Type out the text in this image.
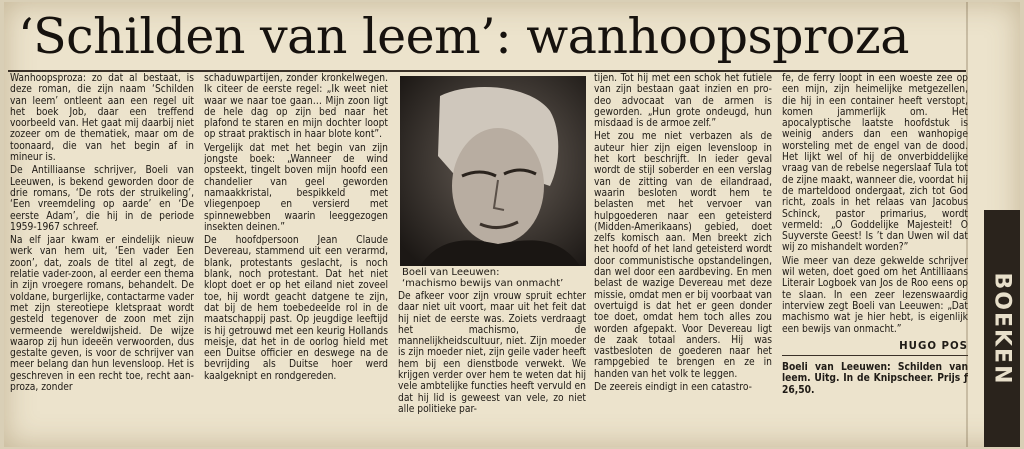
‘Schilden van leem’: wanhoopsproza

Wanhoopsproza: zo dat al bestaat, is deze roman, die zijn naam ‘Schilden van leem’ ontleent aan een regel uit het boek Job, daar een treffend voorbeeld van. Het gaat mij daarbij niet zozeer om de thematiek, maar om de toonaard, die van het begin af in mineur is.

De Antilliaanse schrijver, Boeli van Leeuwen, is bekend geworden door de drie romans, ‘De rots der struikeling’, ‘Een vreemdeling op aarde’ en ‘De eerste Adam’, die hij in de periode 1959-1967 schreef.

Na elf jaar kwam er eindelijk nieuw werk van hem uit, ‘Een vader Een zoon’, dat, zoals de titel al zegt, de relatie vader-zoon, al eerder een thema in zijn vroegere romans, behandelt. De voldane, burgerlijke, contactarme vader met zijn stereotiepe kletspraat wordt gesteld tegenover de zoon met zijn vermeende wereldwijsheid. De wijze waarop zij hun ideeën verwoorden, dus gestalte geven, is voor de schrijver van meer belang dan hun levensloop. Het is geschreven in een recht toe, recht aan-proza, zonder

schaduwpartijen, zonder kronkelwegen. Ik citeer de eerste regel: „Ik weet niet waar we naar toe gaan… Mijn zoon ligt de hele dag op zijn bed naar het plafond te staren en mijn dochter loopt op straat praktisch in haar blote kont”.

Vergelijk dat met het begin van zijn jongste boek: „Wanneer de wind opsteekt, tingelt boven mijn hoofd een chandelier van geel geworden namaakkristal, bespikkeld met vliegenpoep en versierd met spinnewebben waarin leeggezogen insekten deinen.”

De hoofdpersoon Jean Claude Devereau, stammend uit een verarmd, blank, protestants geslacht, is noch blank, noch protestant. Dat het niet klopt doet er op het eiland niet zoveel toe, hij wordt geacht datgene te zijn, dat bij de hem toebedeelde rol in de maatschappij past. Op jeugdige leeftijd is hij getrouwd met een keurig Hollands meisje, dat het in de oorlog hield met een Duitse officier en deswege na de bevrijding als Duitse hoer werd kaalgeknipt en rondgereden.

Boeli van Leeuwen:
‘machismo bewijs van onmacht’

De afkeer voor zijn vrouw spruit echter daar niet uit voort, maar uit het feit dat hij niet de eerste was. Zoiets verdraagt het machismo, de mannelijkheidscultuur, niet. Zijn moeder is zijn moeder niet, zijn geile vader heeft hem bij een dienstbode verwekt. We krijgen verder over hem te weten dat hij vele ambtelijke functies heeft vervuld en dat hij lid is geweest van vele, zo niet alle politieke par-

tijen. Tot hij met een schok het futiele van zijn bestaan gaat inzien en pro-deo advocaat van de armen is geworden. „Hun grote ondeugd, hun misdaad is de armoe zelf.”

Het zou me niet verbazen als de auteur hier zijn eigen levensloop in het kort beschrijft. In ieder geval wordt de stijl soberder en een verslag van de zitting van de eilandraad, waarin besloten wordt hem te belasten met het vervoer van hulpgoederen naar een geteisterd (Midden-Amerikaans) gebied, doet zelfs komisch aan. Men breekt zich het hoofd of het land geteisterd wordt door communistische opstandelingen, dan wel door een aardbeving. En men belast de wazige Devereau met deze missie, omdat men er bij voorbaat van overtuigd is dat het er geen donder toe doet, omdat hem toch alles zou worden afgepakt. Voor Devereau ligt de zaak totaal anders. Hij was vastbesloten de goederen naar het rampgebied te brengen en ze in handen van het volk te leggen.

De zeereis eindigt in een catastro-

fe, de ferry loopt in een woeste zee op een mijn, zijn heimelijke metgezellen, die hij in een container heeft verstopt, komen jammerlijk om. Het apocalyptische laatste hoofdstuk is weinig anders dan een wanhopige worsteling met de engel van de dood. Het lijkt wel of hij de onverbiddelijke vraag van de rebelse negerslaaf Tula tot de zijne maakt, wanneer die, voordat hij de marteldood ondergaat, zich tot God richt, zoals in het relaas van Jacobus Schinck, pastor primarius, wordt vermeld: „O Goddelijke Majesteit! O Suyverste Geest! Is ’t dan Uwen wil dat wij zo mishandelt worden?”

Wie meer van deze gekwelde schrijver wil weten, doet goed om het Antilliaans Literair Logboek van Jos de Roo eens op te slaan. In een zeer lezenswaardig interview zegt Boeli van Leeuwen: „Dat machismo wat je hier hebt, is eigenlijk een bewijs van onmacht.”

HUGO POS

Boeli van Leeuwen: Schilden van leem. Uitg. In de Knipscheer. Prijs ƒ 26,50.

BOEKEN
